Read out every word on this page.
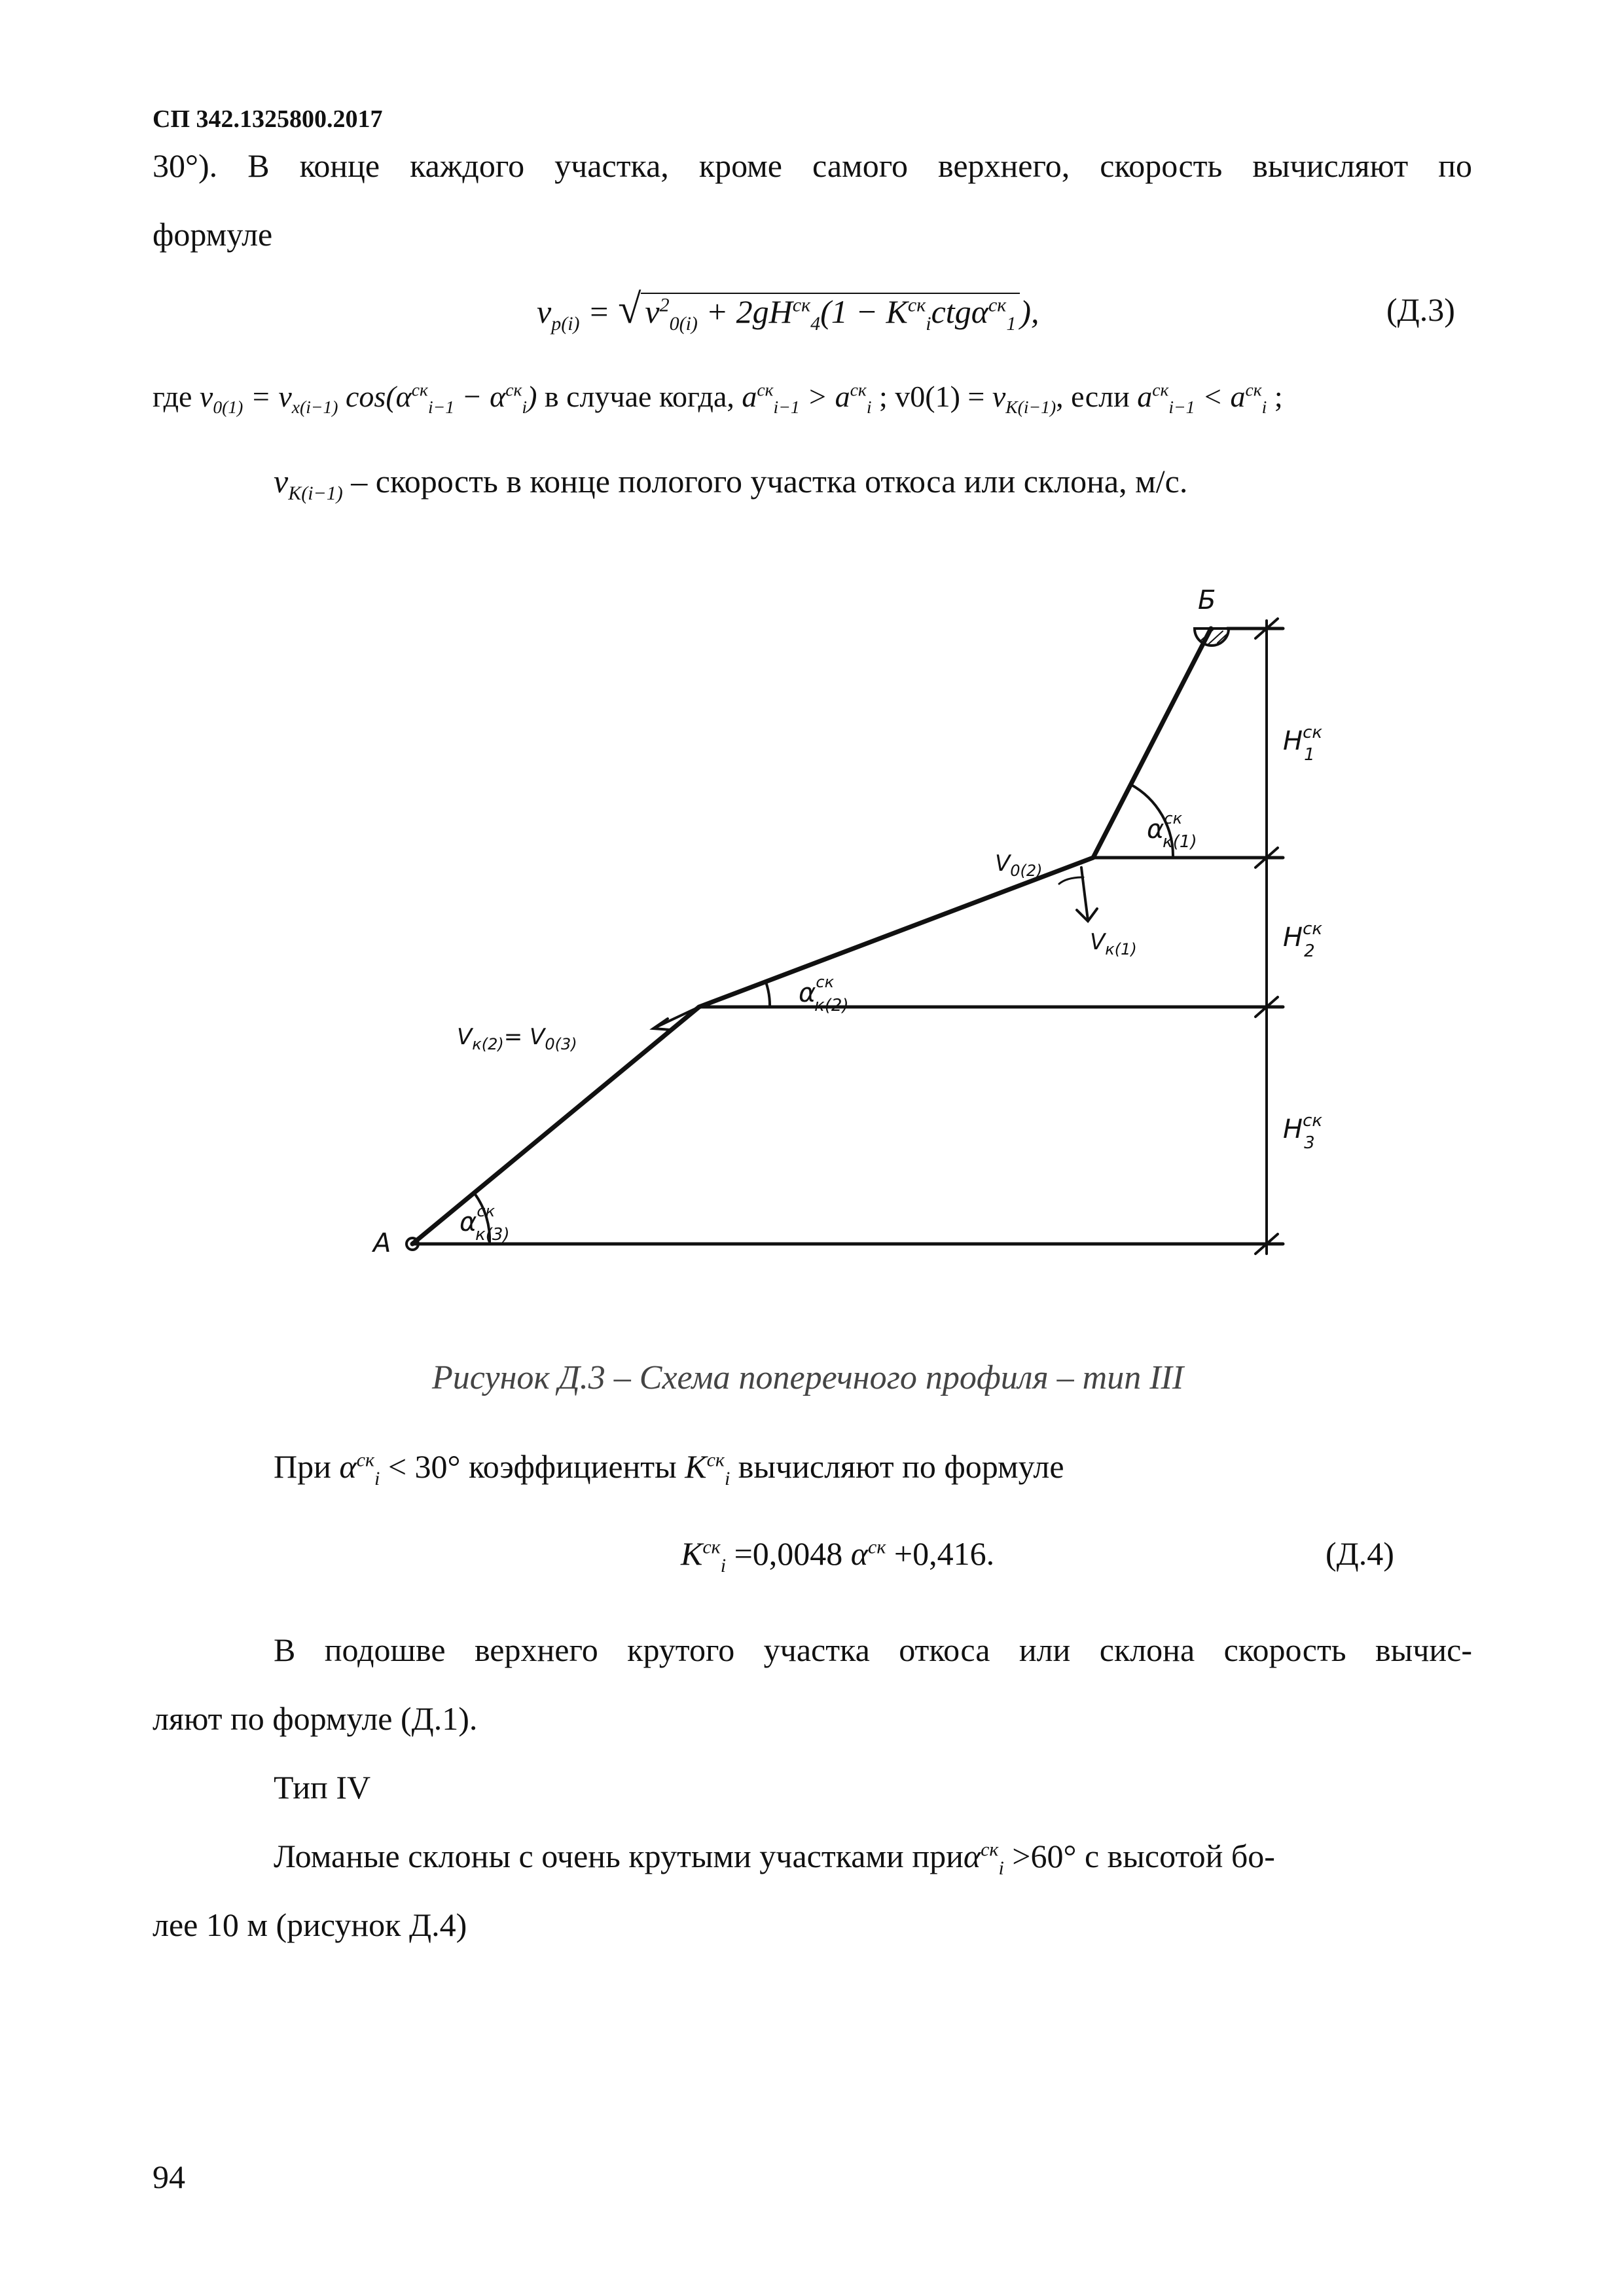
СП 342.1325800.2017
30°). В конце каждого участка, кроме самого верхнего, скорость вычисляют по
формуле
$v_{p(i)}$ = √ $v^2_{0(i)} + 2gH^{ск}_4(1 - K^{ск}_ictg\alpha^{ск}_1$ ),	(Д.3)
где $v_{0(1)} = v_{x(i-1)}$ $\cos(\alpha^{ск}_{i-1} - \alpha^{ск}_i)$ в случае когда, $a^{ск}_{i-1} > a^{ск}_i$ ; $v0(1) = v_{K(i-1)}$, если $a^{ск}_{i-1} < a^{ск}_i$ ;
$v_{K(i-1)}$ – скорость в конце пологого участка откоса или склона, м/с.
Б
А
$H^{ск}$ 1
$H^{ск}$ 2
$H^{ск}$ 3
$\alpha^{ск}$ к(1)
$\alpha^{ск}$ к(2)
$\alpha^{ск}$ к(3)
$V_{0(2)}$
$V_{к(1)}$
$V_{к(2)}= V_{0(3)}$
Рисунок Д.3 – Схема поперечного профиля – тип III
При $\alpha^{ск}_i < 30^\circ$ коэффициенты $K^{ск}_i$ вычисляют по формуле
$K^{ск}_i =0,0048$ $\alpha^{ск} +0,416$.	(Д.4)
В подошве верхнего крутого участка откоса или склона скорость вычис-
ляют по формуле (Д.1).
Тип IV
Ломаные склоны с очень крутыми участками приα$^{ск}_i$ >60° с высотой бо-
лее 10 м (рисунок Д.4)
94
